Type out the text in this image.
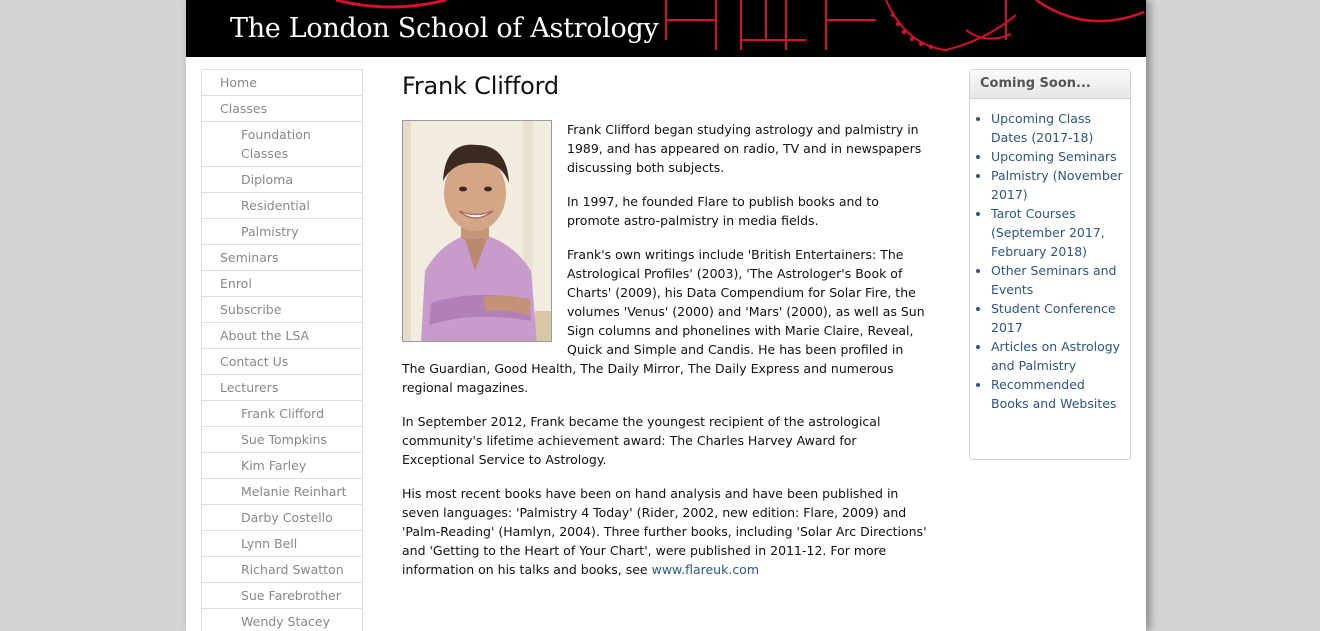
The London School of Astrology
Home
Classes
Foundation Classes
Diploma
Residential
Palmistry
Seminars
Enrol
Subscribe
About the LSA
Contact Us
Lecturers
Frank Clifford
Sue Tompkins
Kim Farley
Melanie Reinhart
Darby Costello
Lynn Bell
Richard Swatton
Sue Farebrother
Wendy Stacey
Frank Clifford

Frank Clifford began studying astrology and palmistry in 1989, and has appeared on radio, TV and in newspapers discussing both subjects.

In 1997, he founded Flare to publish books and to promote astro-palmistry in media fields.

Frank's own writings include 'British Entertainers: The Astrological Profiles' (2003), 'The Astrologer's Book of Charts' (2009), his Data Compendium for Solar Fire, the volumes 'Venus' (2000) and 'Mars' (2000), as well as Sun Sign columns and phonelines with Marie Claire, Reveal, Quick and Simple and Candis. He has been profiled in The Guardian, Good Health, The Daily Mirror, The Daily Express and numerous regional magazines.

In September 2012, Frank became the youngest recipient of the astrological community's lifetime achievement award: The Charles Harvey Award for Exceptional Service to Astrology.

His most recent books have been on hand analysis and have been published in seven languages: 'Palmistry 4 Today' (Rider, 2002, new edition: Flare, 2009) and 'Palm-Reading' (Hamlyn, 2004). Three further books, including 'Solar Arc Directions' and 'Getting to the Heart of Your Chart', were published in 2011-12. For more information on his talks and books, see www.flareuk.com

Coming Soon...
• Upcoming Class Dates (2017-18)
• Upcoming Seminars
• Palmistry (November 2017)
• Tarot Courses (September 2017, February 2018)
• Other Seminars and Events
• Student Conference 2017
• Articles on Astrology and Palmistry
• Recommended Books and Websites
